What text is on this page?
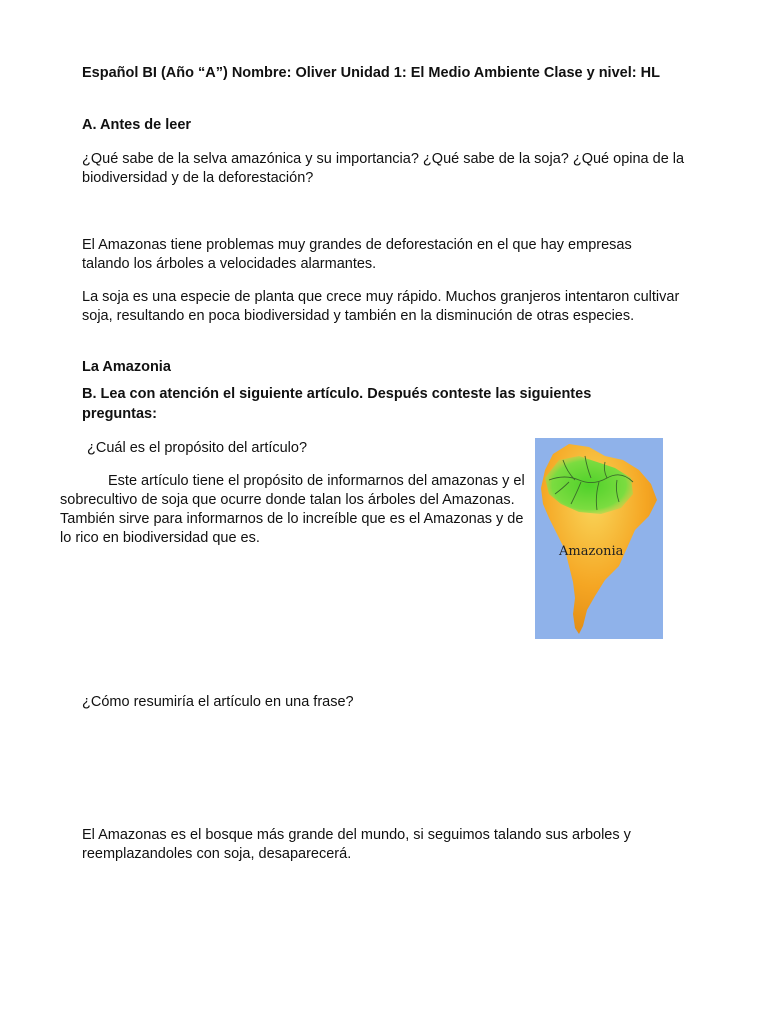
Español BI (Año “A”) Nombre: Oliver Unidad 1: El Medio Ambiente Clase y nivel: HL

A. Antes de leer

¿Qué sabe de la selva amazónica y su importancia? ¿Qué sabe de la soja? ¿Qué opina de la biodiversidad y de la deforestación?

El Amazonas tiene problemas muy grandes de deforestación en el que hay empresas talando los árboles a velocidades alarmantes.

La soja es una especie de planta que crece muy rápido. Muchos granjeros intentaron cultivar soja, resultando en poca biodiversidad y también en la disminución de otras especies.

La Amazonia

B. Lea con atención el siguiente artículo. Después conteste las siguientes preguntas:

¿Cuál es el propósito del artículo?

Este artículo tiene el propósito de informarnos del amazonas y el sobrecultivo de soja que ocurre donde talan los árboles del Amazonas. También sirve para informarnos de lo increíble que es el Amazonas y de lo rico en biodiversidad que es.

Amazonia

¿Cómo resumiría el artículo en una frase?

El Amazonas es el bosque más grande del mundo, si seguimos talando sus arboles y reemplazandoles con soja, desaparecerá.
